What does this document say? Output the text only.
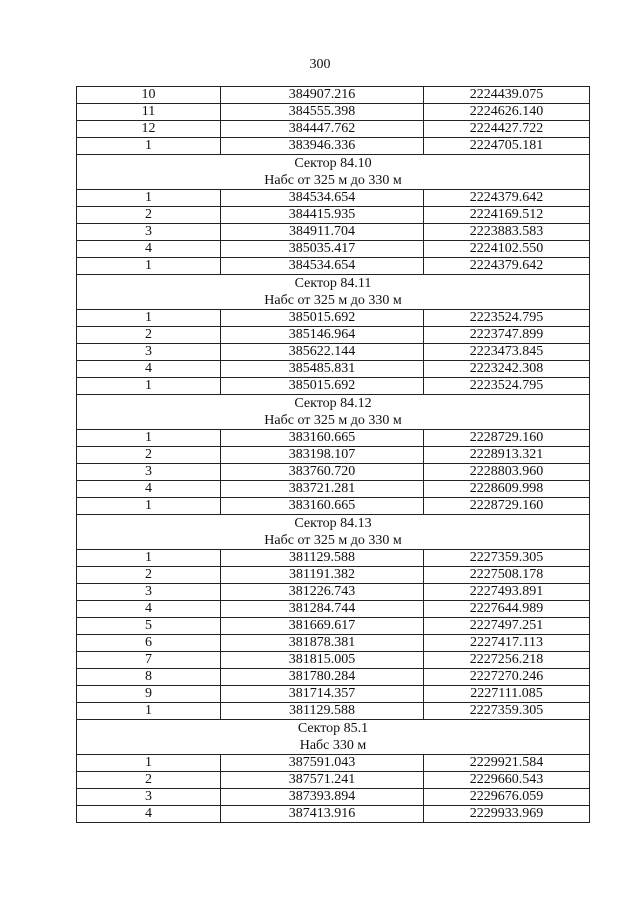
300
10	384907.216	2224439.075
11	384555.398	2224626.140
12	384447.762	2224427.722
1	383946.336	2224705.181

Сектор 84.10
Набс от 325 м до 330 м		

1	384534.654	2224379.642
2	384415.935	2224169.512
3	384911.704	2223883.583
4	385035.417	2224102.550
1	384534.654	2224379.642

Сектор 84.11
Набс от 325 м до 330 м		

1	385015.692	2223524.795
2	385146.964	2223747.899
3	385622.144	2223473.845
4	385485.831	2223242.308
1	385015.692	2223524.795

Сектор 84.12
Набс от 325 м до 330 м		

1	383160.665	2228729.160
2	383198.107	2228913.321
3	383760.720	2228803.960
4	383721.281	2228609.998
1	383160.665	2228729.160

Сектор 84.13
Набс от 325 м до 330 м		

1	381129.588	2227359.305
2	381191.382	2227508.178
3	381226.743	2227493.891
4	381284.744	2227644.989
5	381669.617	2227497.251
6	381878.381	2227417.113
7	381815.005	2227256.218
8	381780.284	2227270.246
9	381714.357	2227111.085
1	381129.588	2227359.305

Сектор 85.1
Набс 330 м		

1	387591.043	2229921.584
2	387571.241	2229660.543
3	387393.894	2229676.059
4	387413.916	2229933.969
